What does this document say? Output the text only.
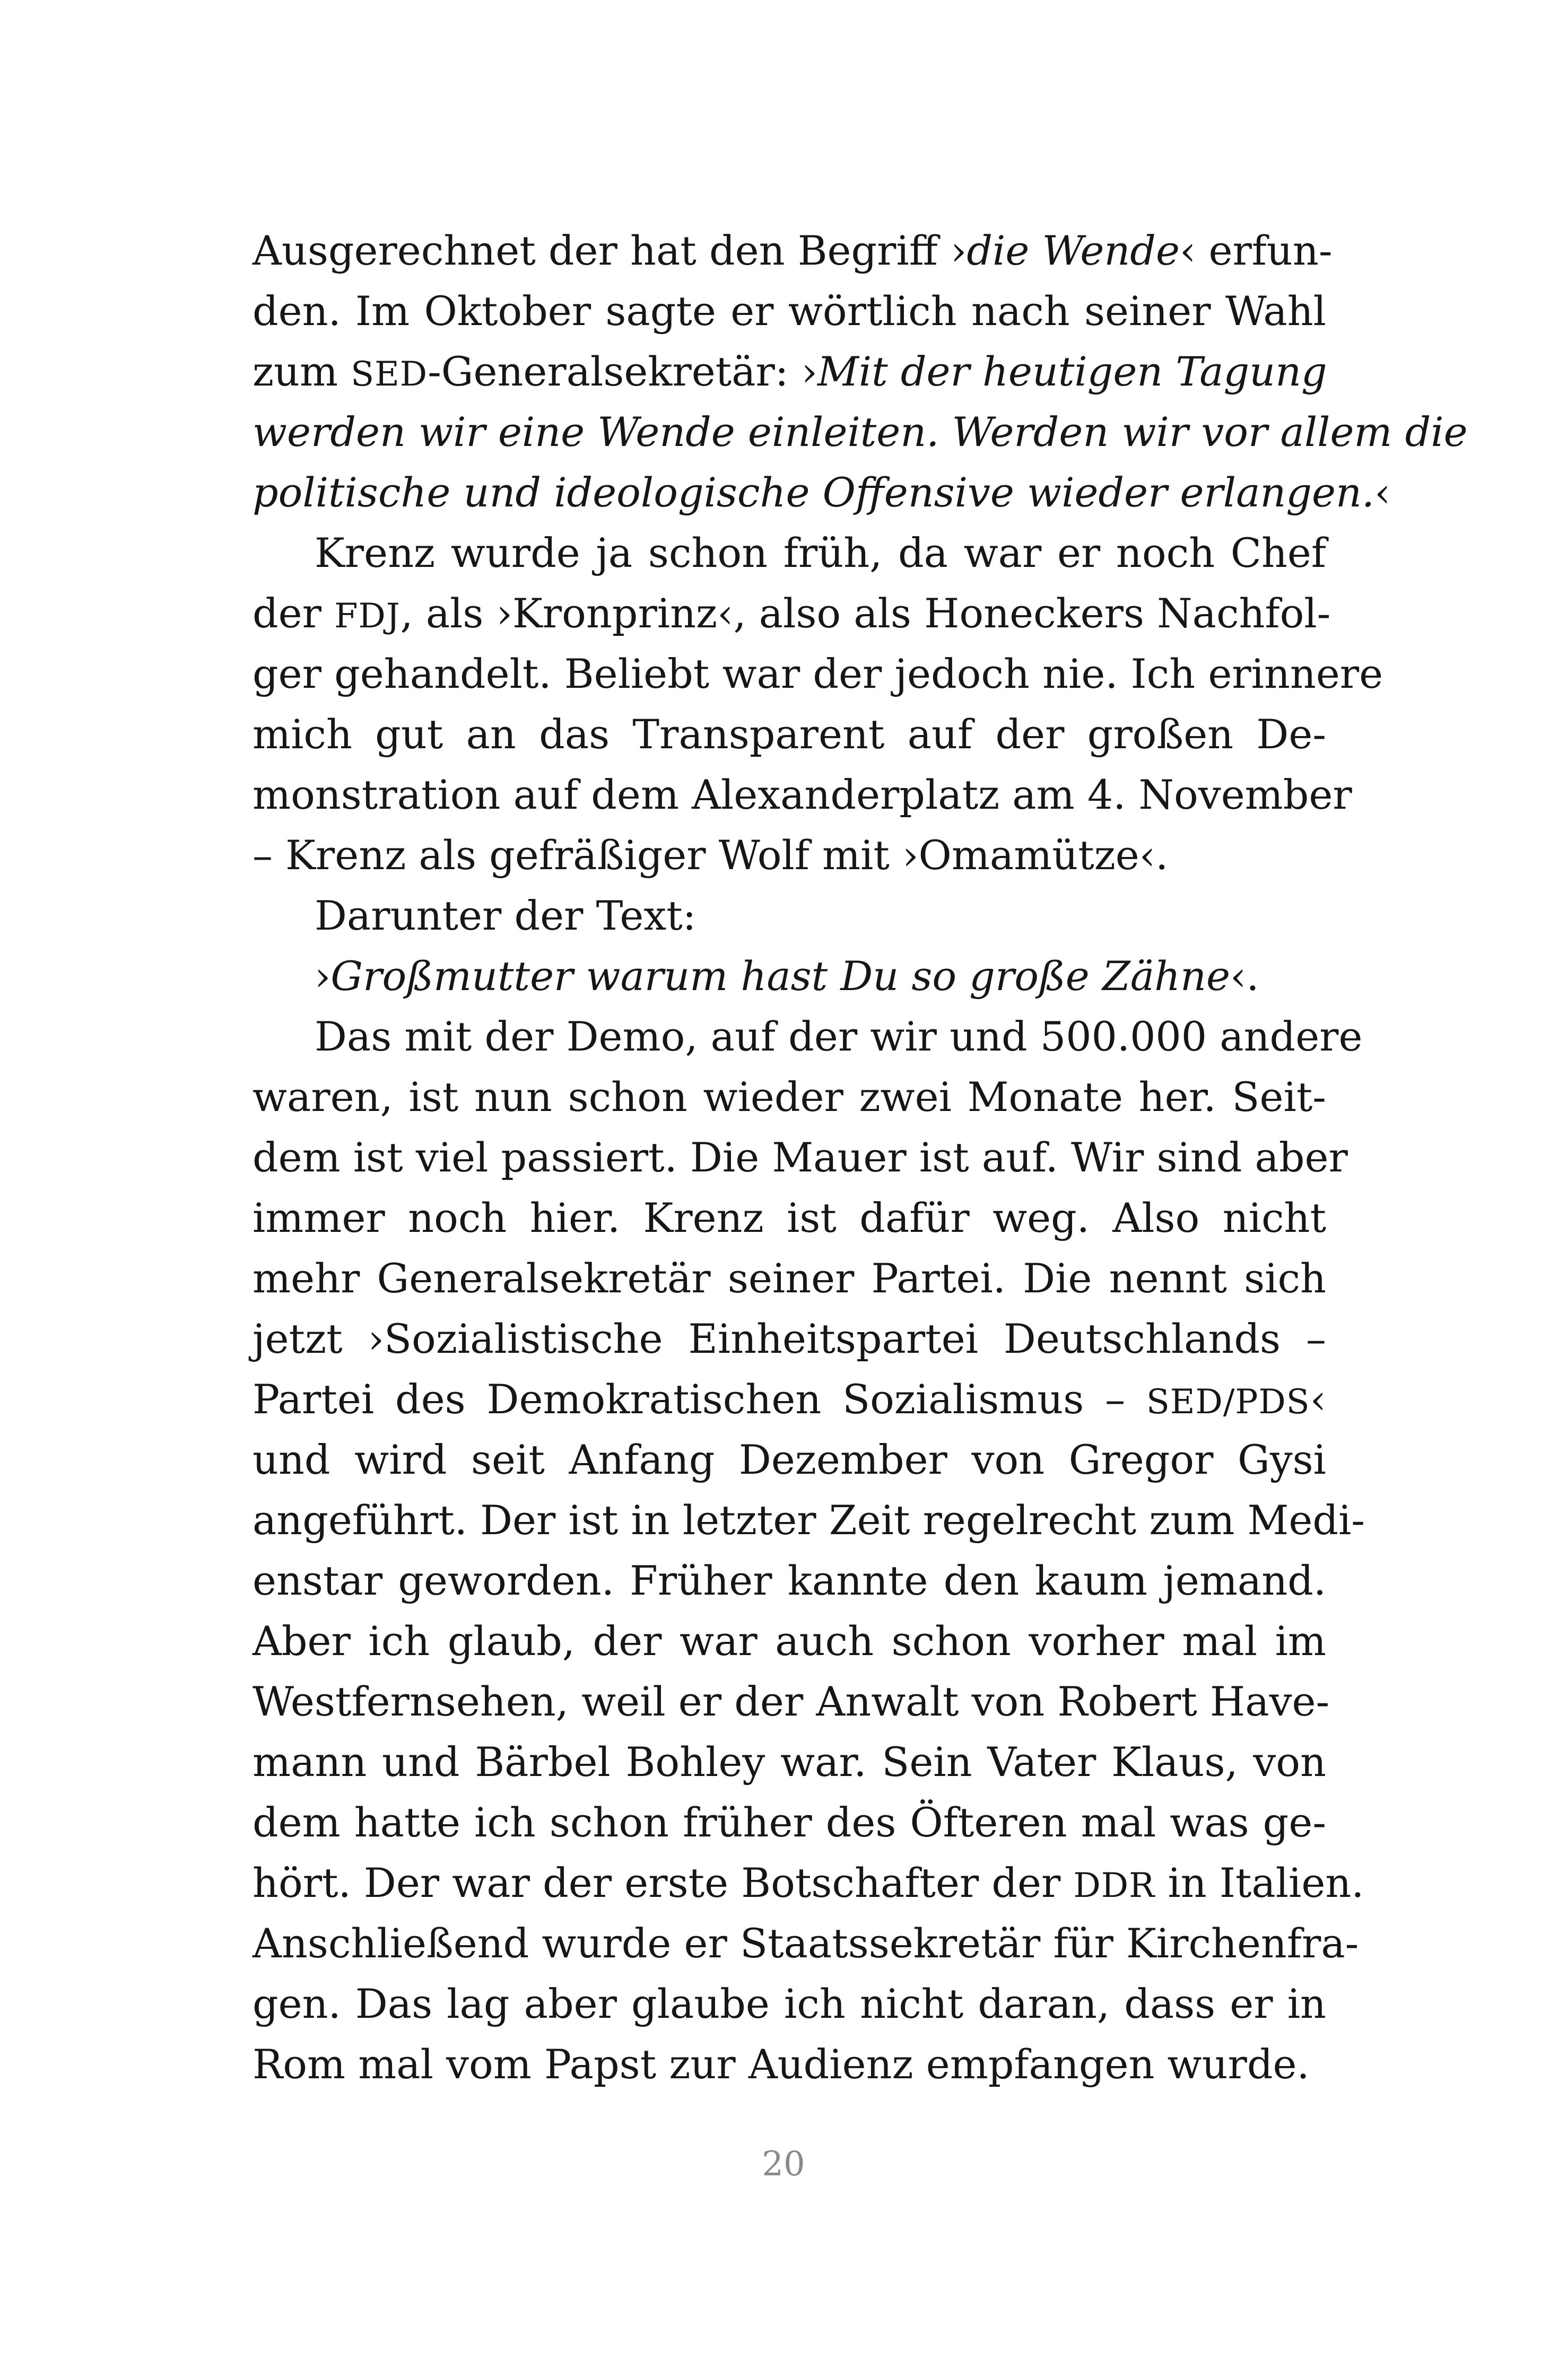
Ausgerechnet der hat den Begriff ›die Wende‹ erfun-
den. Im Oktober sagte er wörtlich nach seiner Wahl
zum SED-Generalsekretär: ›Mit der heutigen Tagung
werden wir eine Wende einleiten. Werden wir vor allem die
politische und ideologische Offensive wieder erlangen.‹
Krenz wurde ja schon früh, da war er noch Chef
der FDJ, als ›Kronprinz‹, also als Honeckers Nachfol-
ger gehandelt. Beliebt war der jedoch nie. Ich erinnere
mich gut an das Transparent auf der großen De-
monstration auf dem Alexanderplatz am 4. November
– Krenz als gefräßiger Wolf mit ›Omamütze‹.
Darunter der Text:
›Großmutter warum hast Du so große Zähne‹.
Das mit der Demo, auf der wir und 500.000 andere
waren, ist nun schon wieder zwei Monate her. Seit-
dem ist viel passiert. Die Mauer ist auf. Wir sind aber
immer noch hier. Krenz ist dafür weg. Also nicht
mehr Generalsekretär seiner Partei. Die nennt sich
jetzt ›Sozialistische Einheitspartei Deutschlands –
Partei des Demokratischen Sozialismus – SED/PDS‹
und wird seit Anfang Dezember von Gregor Gysi
angeführt. Der ist in letzter Zeit regelrecht zum Medi-
enstar geworden. Früher kannte den kaum jemand.
Aber ich glaub, der war auch schon vorher mal im
Westfernsehen, weil er der Anwalt von Robert Have-
mann und Bärbel Bohley war. Sein Vater Klaus, von
dem hatte ich schon früher des Öfteren mal was ge-
hört. Der war der erste Botschafter der DDR in Italien.
Anschließend wurde er Staatssekretär für Kirchenfra-
gen. Das lag aber glaube ich nicht daran, dass er in
Rom mal vom Papst zur Audienz empfangen wurde.
20
